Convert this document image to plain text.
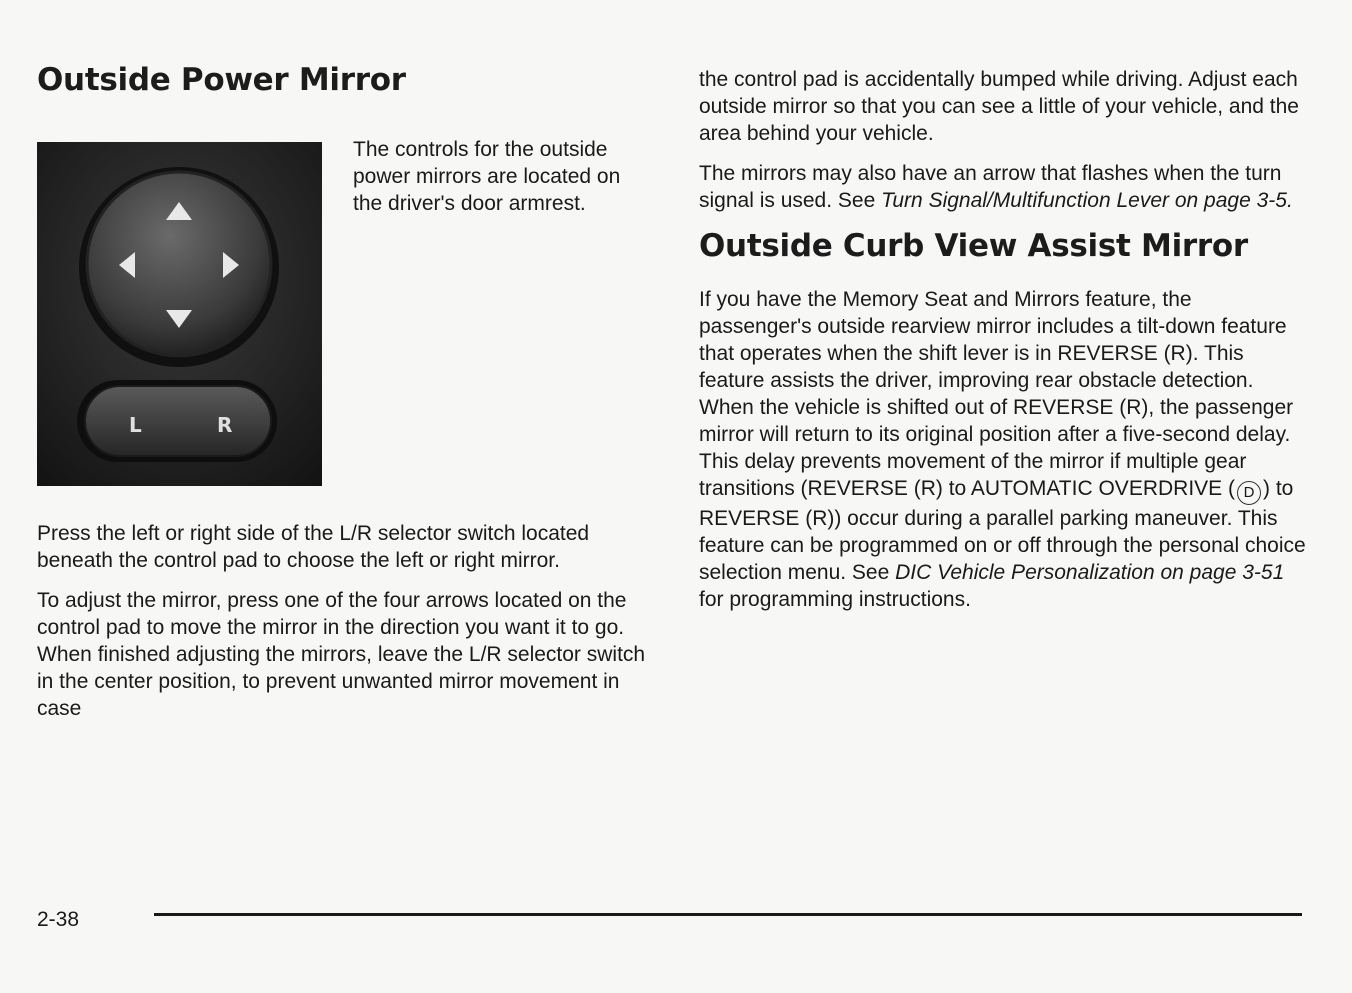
Outside Power Mirror
L	R

The controls for the outside power mirrors are located on the driver's door armrest.

Press the left or right side of the L/R selector switch located beneath the control pad to choose the left or right mirror.

To adjust the mirror, press one of the four arrows located on the control pad to move the mirror in the direction you want it to go. When finished adjusting the mirrors, leave the L/R selector switch in the center position, to prevent unwanted mirror movement in case

the control pad is accidentally bumped while driving. Adjust each outside mirror so that you can see a little of your vehicle, and the area behind your vehicle.

The mirrors may also have an arrow that flashes when the turn signal is used. See Turn Signal/Multifunction Lever on page 3-5.

Outside Curb View Assist Mirror

If you have the Memory Seat and Mirrors feature, the passenger's outside rearview mirror includes a tilt-down feature that operates when the shift lever is in REVERSE (R). This feature assists the driver, improving rear obstacle detection. When the vehicle is shifted out of REVERSE (R), the passenger mirror will return to its original position after a five-second delay. This delay prevents movement of the mirror if multiple gear transitions (REVERSE (R) to AUTOMATIC OVERDRIVE ( D ) to REVERSE (R)) occur during a parallel parking maneuver. This feature can be programmed on or off through the personal choice selection menu. See DIC Vehicle Personalization on page 3-51 for programming instructions.

2-38
